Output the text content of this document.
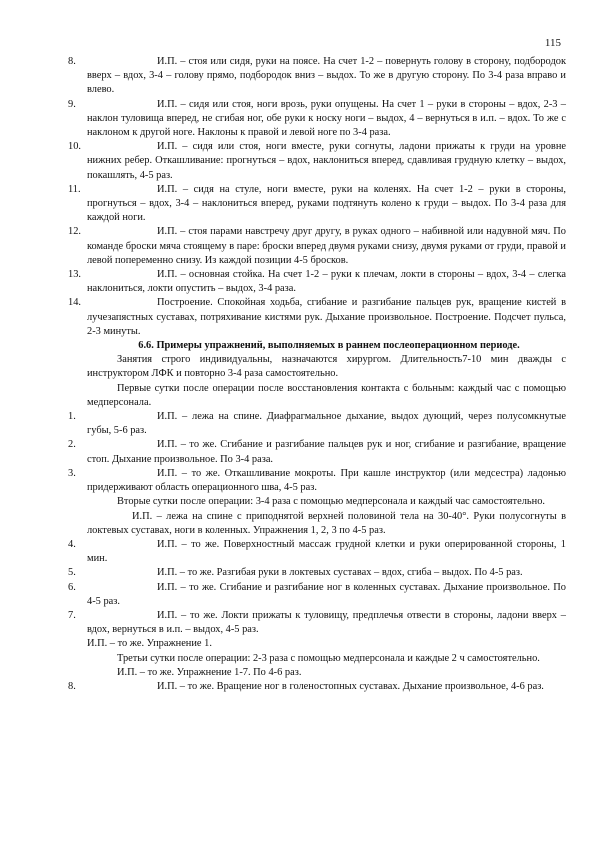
115

8.	И.П. – стоя или сидя, руки на поясе. На счет 1-2 – повернуть голову в сторону, подбородок вверх – вдох, 3-4 – голову прямо, подбородок вниз – выдох. То же в другую сторону. По 3-4 раза вправо и влево.

9.	И.П. – сидя или стоя, ноги врозь, руки опущены. На счет 1 – руки в стороны – вдох, 2-3 – наклон туловища вперед, не сгибая ног, обе руки к носку ноги – выдох, 4 – вернуться в и.п. – вдох. То же с наклоном к другой ноге. Наклоны к правой и левой ноге по 3-4 раза.

10.	И.П. – сидя или стоя, ноги вместе, руки согнуты, ладони прижаты к груди на уровне нижних ребер. Откашливание: прогнуться – вдох, наклониться вперед, сдавливая грудную клетку – выдох, покашлять, 4-5 раз.

11.	И.П. – сидя на стуле, ноги вместе, руки на коленях. На счет 1-2 – руки в стороны, прогнуться – вдох, 3-4 – наклониться вперед, руками подтянуть колено к груди – выдох. По 3-4 раза для каждой ноги.

12.	И.П. – стоя парами навстречу друг другу, в руках одного – набивной или надувной мяч. По команде броски мяча стоящему в паре: броски вперед двумя руками снизу, двумя руками от груди, правой и левой попеременно снизу. Из каждой позиции 4-5 бросков.

13.	И.П. – основная стойка. На счет 1-2 – руки к плечам, локти в стороны – вдох, 3-4 – слегка наклониться, локти опустить – выдох, 3-4 раза.

14.	Построение. Спокойная ходьба, сгибание и разгибание пальцев рук, вращение кистей в лучезапястных суставах, потряхивание кистями рук. Дыхание произвольное. Построение. Подсчет пульса, 2-3 минуты.

6.6. Примеры упражнений, выполняемых в раннем послеоперационном периоде.

Занятия строго индивидуальны, назначаются хирургом. Длительность7-10 мин дважды с инструктором ЛФК и повторно 3-4 раза самостоятельно.

Первые сутки после операции после восстановления контакта с больным: каждый час с помощью медперсонала.

1.	И.П. – лежа на спине. Диафрагмальное дыхание, выдох дующий, через полусомкнутые губы, 5-6 раз.

2.	И.П. – то же. Сгибание и разгибание пальцев рук и ног, сгибание и разгибание, вращение стоп. Дыхание произвольное. По 3-4 раза.

3.	И.П. – то же. Откашливание мокроты. При кашле инструктор (или медсестра) ладонью придерживают область операционного шва, 4-5 раз.

Вторые сутки после операции: 3-4 раза с помощью медперсонала и каждый час самостоятельно.

И.П. – лежа на спине с приподнятой верхней половиной тела на 30-40°. Руки полусогнуты в локтевых суставах, ноги в коленных. Упражнения 1, 2, 3 по 4-5 раз.

4.	И.П. – то же. Поверхностный массаж грудной клетки и руки оперированной стороны, 1 мин.

5.	И.П. – то же. Разгибая руки в локтевых суставах – вдох, сгиба – выдох. По 4-5 раз.

6.	И.П. – то же. Сгибание и разгибание ног в коленных суставах. Дыхание произвольное. По 4-5 раз.

7.	И.П. – то же. Локти прижаты к туловищу, предплечья отвести в стороны, ладони вверх – вдох, вернуться в и.п. – выдох, 4-5 раз.

И.П. – то же. Упражнение 1.

Третьи сутки после операции: 2-3 раза с помощью медперсонала и каждые 2 ч самостоятельно.

И.П. – то же. Упражнение 1-7. По 4-6 раз.

8.	И.П. – то же. Вращение ног в голеностопных суставах. Дыхание произвольное, 4-6 раз.
